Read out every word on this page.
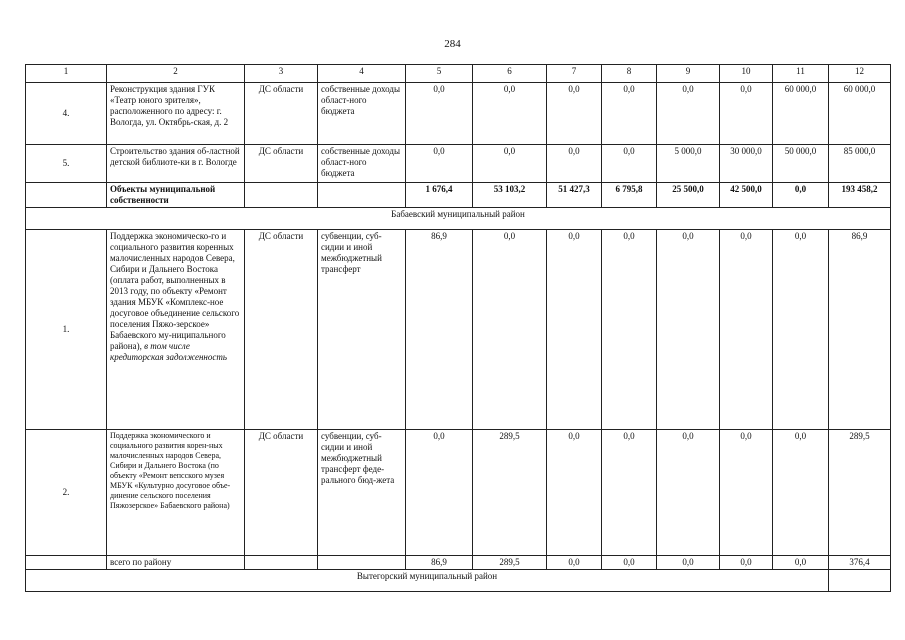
284
1	2	3	4	5	6	7	8	9	10	11	12
4.	Реконструкция здания ГУК «Театр юного зрителя», расположенного по адресу: г. Вологда, ул. Октябрь-ская, д. 2	ДС области	собственные доходы област-ного бюджета	0,0	0,0	0,0	0,0	0,0	0,0	60 000,0	60 000,0
5.	Строительство здания об-ластной детской библиоте-ки в г. Вологде	ДС области	собственные доходы област-ного бюджета	0,0	0,0	0,0	0,0	5 000,0	30 000,0	50 000,0	85 000,0
	Объекты муниципальной собственности			1 676,4	53 103,2	51 427,3	6 795,8	25 500,0	42 500,0	0,0	193 458,2
Бабаевский муниципальный район											
1.	Поддержка экономическо-го и социального развития коренных малочисленных народов Севера, Сибири и Дальнего Востока (оплата работ, выполненных в 2013 году, по объекту «Ремонт здания МБУК «Комплекс-ное досуговое объединение сельского поселения Пяжо-зерское» Бабаевского му-ниципального района), в том числе кредиторская задолженность	ДС области	субвенции, суб-сидии и иной межбюджетный трансферт	86,9	0,0	0,0	0,0	0,0	0,0	0,0	86,9
2.	Поддержка экономического и социального развития корен-ных малочисленных народов Севера, Сибири и Дальнего Востока (по объекту «Ремонт вепсского музея МБУК «Культурно досуговое объе-динение сельского поселения Пяжозерское» Бабаевского района)	ДС области	субвенции, суб-сидии и иной межбюджетный трансферт феде-рального бюд-жета	0,0	289,5	0,0	0,0	0,0	0,0	0,0	289,5
	всего по району			86,9	289,5	0,0	0,0	0,0	0,0	0,0	376,4
Вытегорский муниципальный район											
